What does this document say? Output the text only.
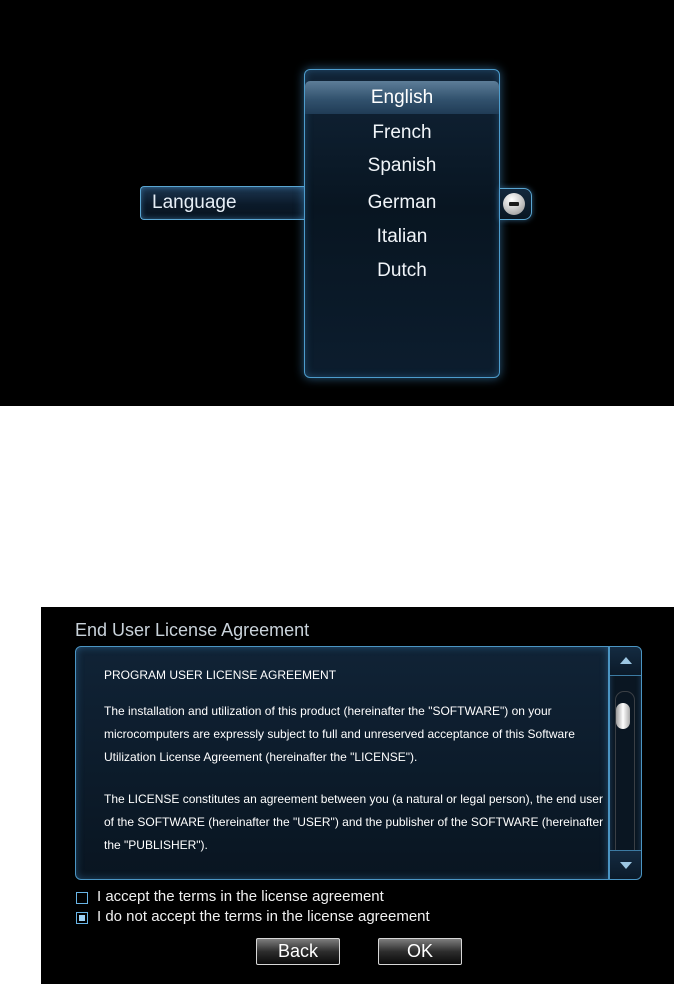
Language
English
French
Spanish
German
Italian
Dutch
End User License Agreement

PROGRAM USER LICENSE AGREEMENT

The installation and utilization of this product (hereinafter the "SOFTWARE") on your microcomputers are expressly subject to full and unreserved acceptance of this Software Utilization License Agreement (hereinafter the "LICENSE").

The LICENSE constitutes an agreement between you (a natural or legal person), the end user of the SOFTWARE (hereinafter the "USER") and the publisher of the SOFTWARE (hereinafter the "PUBLISHER").

I accept the terms in the license agreement
I do not accept the terms in the license agreement
Back	OK
